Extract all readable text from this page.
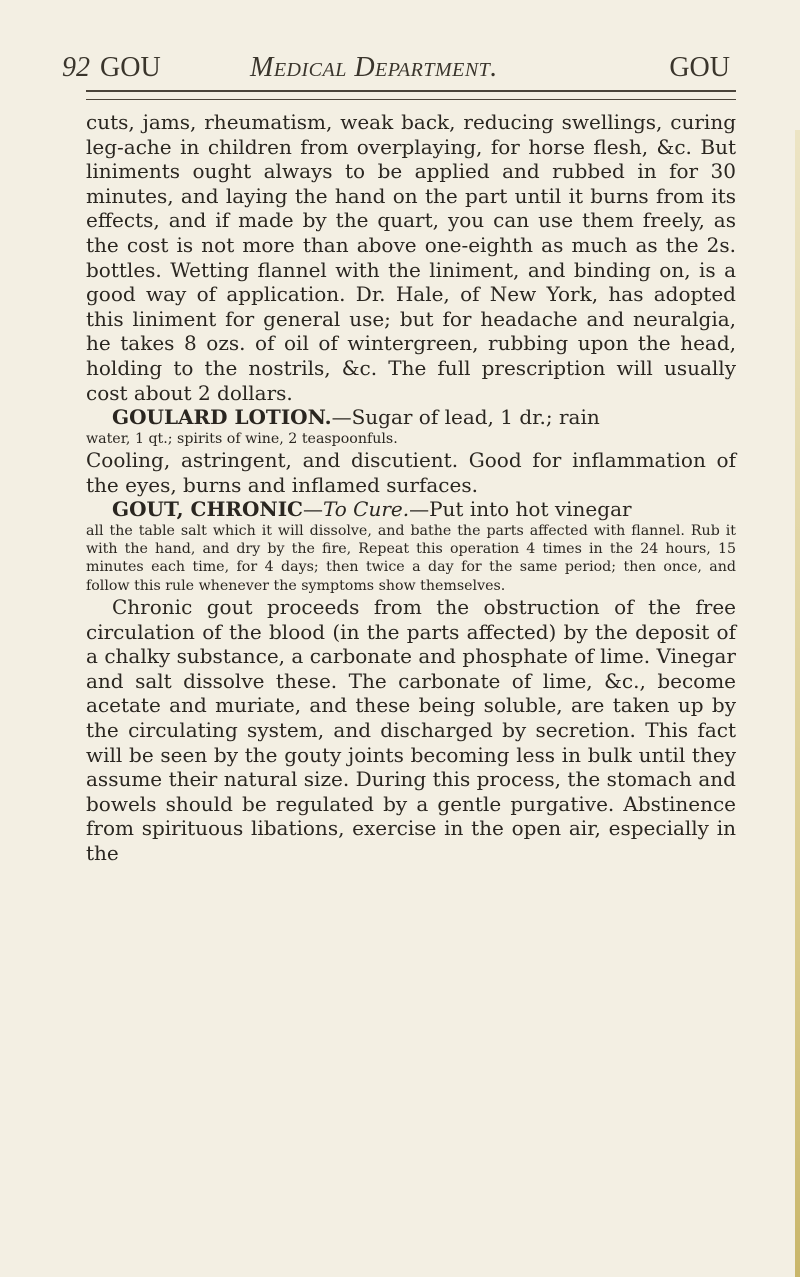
92 GOU	Medical Department.	GOU

cuts, jams, rheumatism, weak back, reducing swellings, curing leg-ache in children from overplaying, for horse flesh, &c. But liniments ought always to be applied and rubbed in for 30 minutes, and laying the hand on the part until it burns from its effects, and if made by the quart, you can use them freely, as the cost is not more than above one-eighth as much as the 2s. bottles. Wetting flannel with the liniment, and binding on, is a good way of application. Dr. Hale, of New York, has adopted this liniment for general use; but for headache and neuralgia, he takes 8 ozs. of oil of wintergreen, rubbing upon the head, holding to the nostrils, &c. The full prescription will usually cost about 2 dollars.

GOULARD LOTION.—Sugar of lead, 1 dr.; rain

water, 1 qt.; spirits of wine, 2 teaspoonfuls.

Cooling, astringent, and discutient. Good for inflammation of the eyes, burns and inflamed surfaces.

GOUT, CHRONIC—To Cure.—Put into hot vinegar

all the table salt which it will dissolve, and bathe the parts affected with flannel. Rub it with the hand, and dry by the fire, Repeat this operation 4 times in the 24 hours, 15 minutes each time, for 4 days; then twice a day for the same period; then once, and follow this rule whenever the symptoms show themselves.

Chronic gout proceeds from the obstruction of the free circulation of the blood (in the parts affected) by the deposit of a chalky substance, a carbonate and phosphate of lime. Vinegar and salt dissolve these. The carbonate of lime, &c., become acetate and muriate, and these being soluble, are taken up by the circulating system, and discharged by secretion. This fact will be seen by the gouty joints becoming less in bulk until they assume their natural size. During this process, the stomach and bowels should be regulated by a gentle purgative. Abstinence from spirituous libations, exercise in the open air, especially in the
